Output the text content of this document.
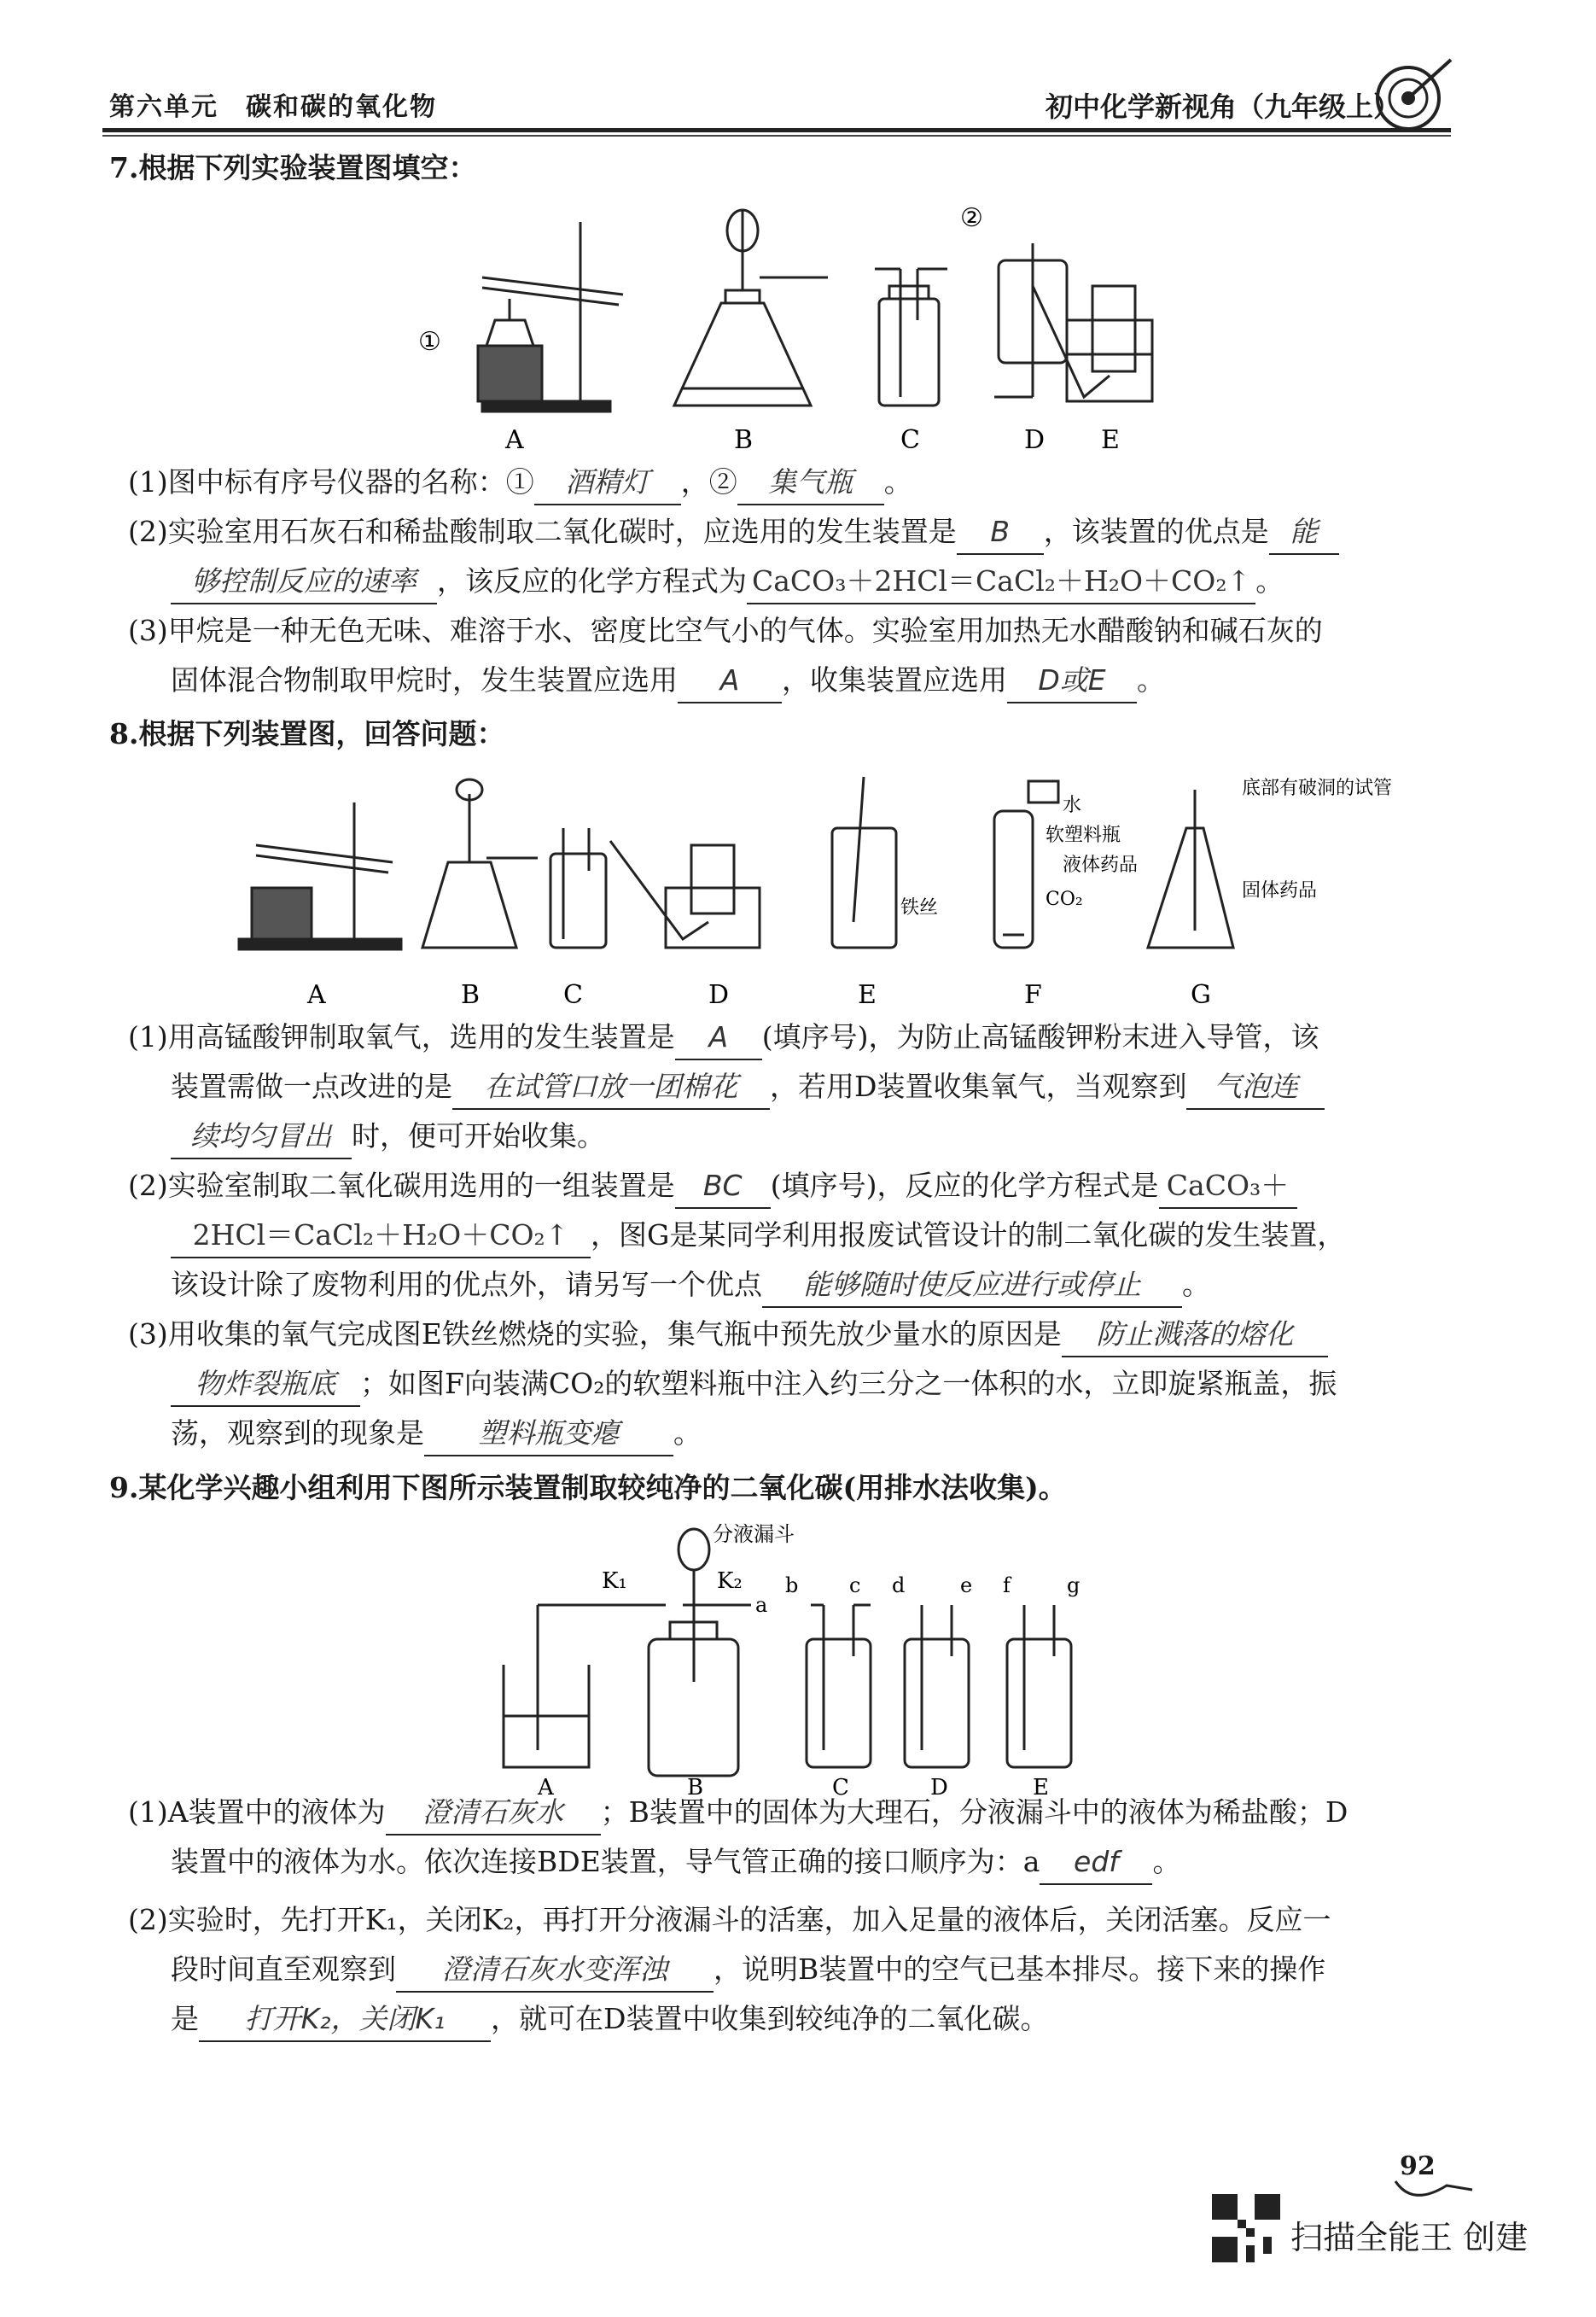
第六单元　碳和碳的氧化物	初中化学新视角（九年级上）
7.根据下列实验装置图填空：
①
②
A	B	C	D E
(1)图中标有序号仪器的名称：① 酒精灯 ，② 集气瓶 。
(2)实验室用石灰石和稀盐酸制取二氧化碳时，应选用的发生装置是 B ，该装置的优点是 能
够控制反应的速率 ，该反应的化学方程式为 CaCO₃＋2HCl＝CaCl₂＋H₂O＋CO₂↑ 。
(3)甲烷是一种无色无味、难溶于水、密度比空气小的气体。实验室用加热无水醋酸钠和碱石灰的
固体混合物制取甲烷时，发生装置应选用 A ，收集装置应选用 D或E 。
8.根据下列装置图，回答问题：
A	B	C	D	E	F	G
铁丝
水
软塑料瓶
CO₂
液体药品
底部有破洞的试管
固体药品
(1)用高锰酸钾制取氧气，选用的发生装置是 A (填序号)，为防止高锰酸钾粉末进入导管，该
装置需做一点改进的是 在试管口放一团棉花 ，若用D装置收集氧气，当观察到 气泡连
续均匀冒出 时，便可开始收集。
(2)实验室制取二氧化碳用选用的一组装置是 BC (填序号)，反应的化学方程式是 CaCO₃＋
2HCl＝CaCl₂＋H₂O＋CO₂↑ ，图G是某同学利用报废试管设计的制二氧化碳的发生装置，
该设计除了废物利用的优点外，请另写一个优点 能够随时使反应进行或停止 。
(3)用收集的氧气完成图E铁丝燃烧的实验，集气瓶中预先放少量水的原因是 防止溅落的熔化
物炸裂瓶底 ；如图F向装满CO₂的软塑料瓶中注入约三分之一体积的水，立即旋紧瓶盖，振
荡，观察到的现象是 塑料瓶变瘪 。
9.某化学兴趣小组利用下图所示装置制取较纯净的二氧化碳(用排水法收集)。
分液漏斗
K₁	K₂
a
b c d	e f	g
A	B	C	D	E
(1)A装置中的液体为 澄清石灰水 ；B装置中的固体为大理石，分液漏斗中的液体为稀盐酸；D
装置中的液体为水。依次连接BDE装置，导气管正确的接口顺序为：a edf 。
(2)实验时，先打开K₁，关闭K₂，再打开分液漏斗的活塞，加入足量的液体后，关闭活塞。反应一
段时间直至观察到 澄清石灰水变浑浊 ，说明B装置中的空气已基本排尽。接下来的操作
是 打开K₂，关闭K₁ ，就可在D装置中收集到较纯净的二氧化碳。
92
扫描全能王 创建
